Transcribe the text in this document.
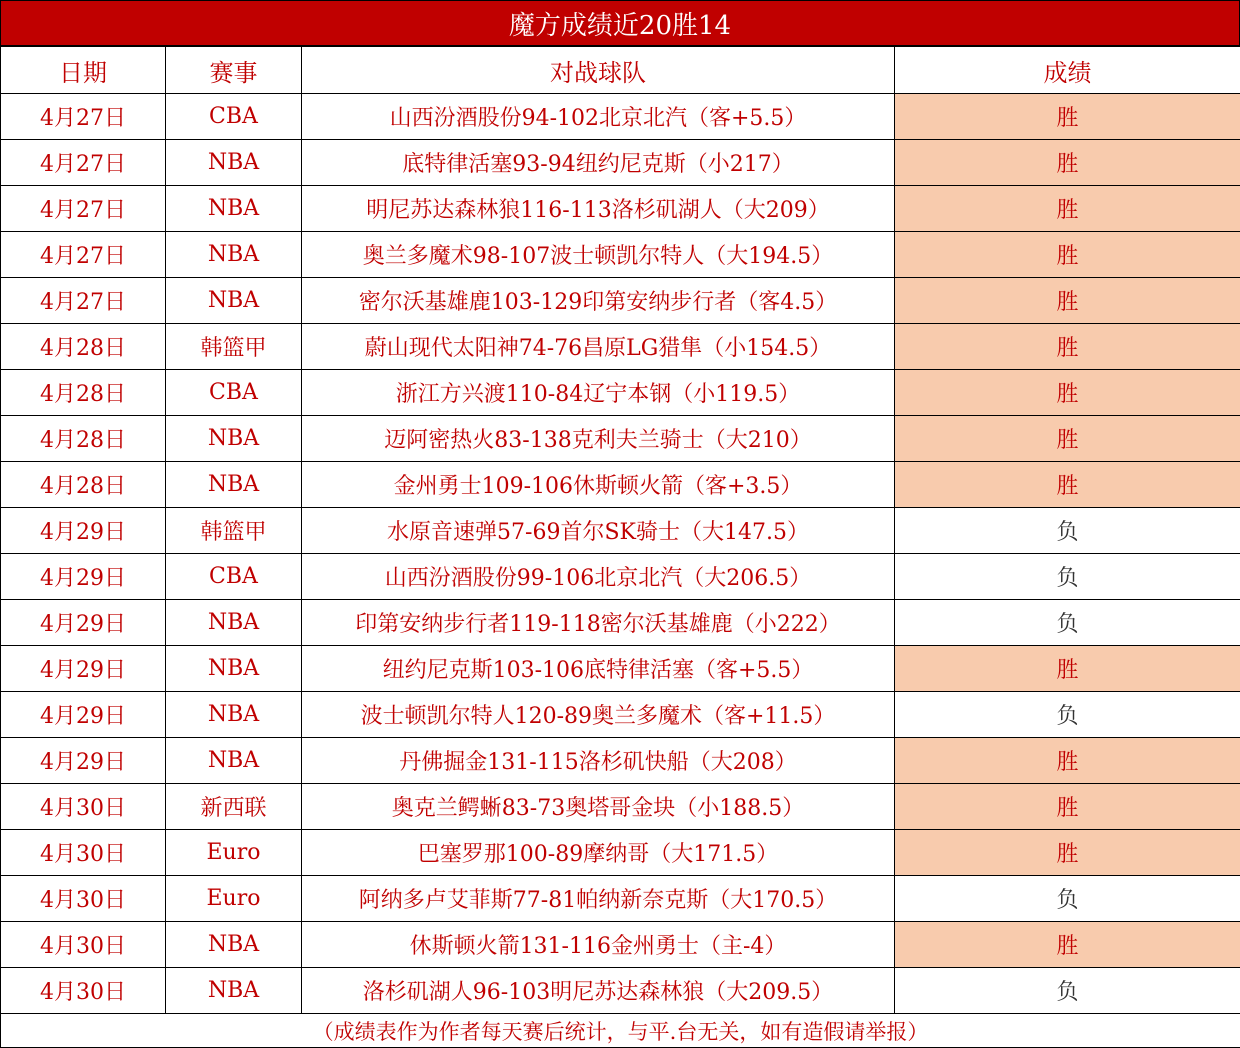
魔方成绩近20胜14
日期	赛事	对战球队	成绩
4月27日	CBA	山西汾酒股份94-102北京北汽（客+5.5）	胜
4月27日	NBA	底特律活塞93-94纽约尼克斯（小217）	胜
4月27日	NBA	明尼苏达森林狼116-113洛杉矶湖人（大209）	胜
4月27日	NBA	奥兰多魔术98-107波士顿凯尔特人（大194.5）	胜
4月27日	NBA	密尔沃基雄鹿103-129印第安纳步行者（客4.5）	胜
4月28日	韩篮甲	蔚山现代太阳神74-76昌原LG猎隼（小154.5）	胜
4月28日	CBA	浙江方兴渡110-84辽宁本钢（小119.5）	胜
4月28日	NBA	迈阿密热火83-138克利夫兰骑士（大210）	胜
4月28日	NBA	金州勇士109-106休斯顿火箭（客+3.5）	胜
4月29日	韩篮甲	水原音速弹57-69首尔SK骑士（大147.5）	负
4月29日	CBA	山西汾酒股份99-106北京北汽（大206.5）	负
4月29日	NBA	印第安纳步行者119-118密尔沃基雄鹿（小222）	负
4月29日	NBA	纽约尼克斯103-106底特律活塞（客+5.5）	胜
4月29日	NBA	波士顿凯尔特人120-89奥兰多魔术（客+11.5）	负
4月29日	NBA	丹佛掘金131-115洛杉矶快船（大208）	胜
4月30日	新西联	奥克兰鳄蜥83-73奥塔哥金块（小188.5）	胜
4月30日	Euro	巴塞罗那100-89摩纳哥（大171.5）	胜
4月30日	Euro	阿纳多卢艾菲斯77-81帕纳新奈克斯（大170.5）	负
4月30日	NBA	休斯顿火箭131-116金州勇士（主-4）	胜
4月30日	NBA	洛杉矶湖人96-103明尼苏达森林狼（大209.5）	负
（成绩表作为作者每天赛后统计，与平.台无关，如有造假请举报）			
